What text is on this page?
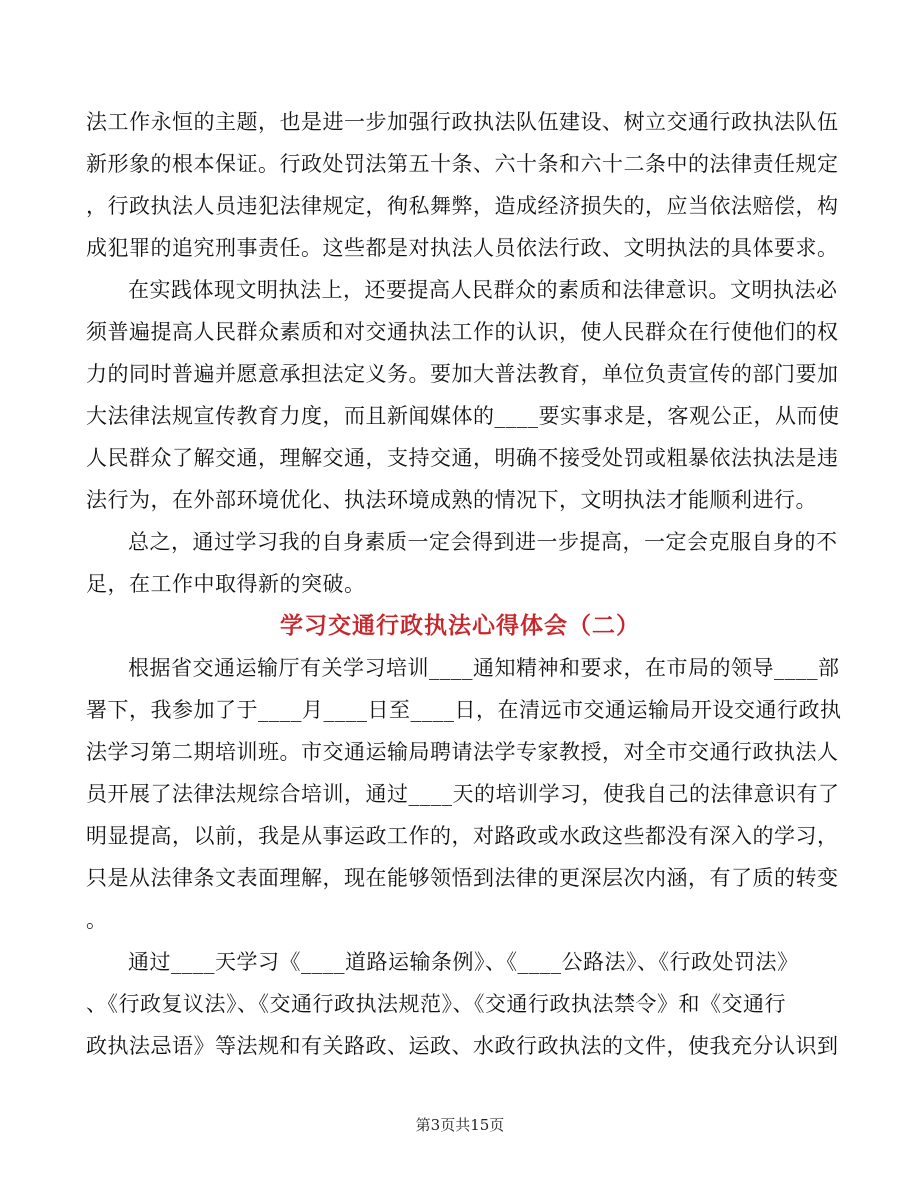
法工作永恒的主题，也是进一步加强行政执法队伍建设、树立交通行政执法队伍
新形象的根本保证。行政处罚法第五十条、六十条和六十二条中的法律责任规定
，行政执法人员违犯法律规定，徇私舞弊，造成经济损失的，应当依法赔偿，构
成犯罪的追究刑事责任。这些都是对执法人员依法行政、文明执法的具体要求。
在实践体现文明执法上，还要提高人民群众的素质和法律意识。文明执法必
须普遍提高人民群众素质和对交通执法工作的认识，使人民群众在行使他们的权
力的同时普遍并愿意承担法定义务。要加大普法教育，单位负责宣传的部门要加
大法律法规宣传教育力度，而且新闻媒体的____要实事求是，客观公正，从而使
人民群众了解交通，理解交通，支持交通，明确不接受处罚或粗暴依法执法是违
法行为，在外部环境优化、执法环境成熟的情况下，文明执法才能顺利进行。
总之，通过学习我的自身素质一定会得到进一步提高，一定会克服自身的不
足，在工作中取得新的突破。
学习交通行政执法心得体会（二）
根据省交通运输厅有关学习培训____通知精神和要求，在市局的领导____部
署下，我参加了于____月____日至____日，在清远市交通运输局开设交通行政执
法学习第二期培训班。市交通运输局聘请法学专家教授，对全市交通行政执法人
员开展了法律法规综合培训，通过____天的培训学习，使我自己的法律意识有了
明显提高，以前，我是从事运政工作的，对路政或水政这些都没有深入的学习，
只是从法律条文表面理解，现在能够领悟到法律的更深层次内涵，有了质的转变
。
通过____天学习《____道路运输条例》、《____公路法》、《行政处罚法》
、《行政复议法》、《交通行政执法规范》、《交通行政执法禁令》和《交通行
政执法忌语》等法规和有关路政、运政、水政行政执法的文件，使我充分认识到
第3页共15页
